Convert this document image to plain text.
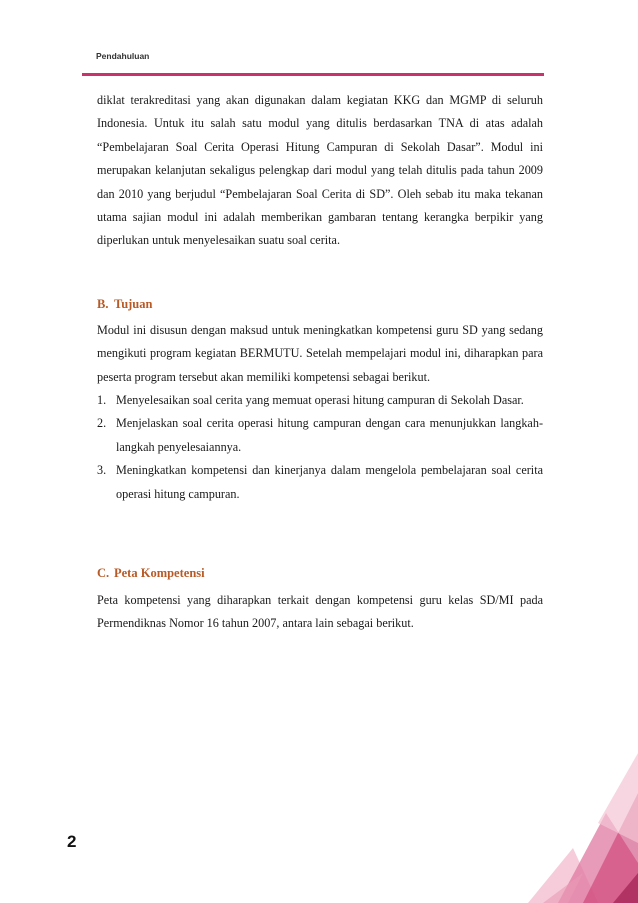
Pendahuluan

diklat terakreditasi yang akan digunakan dalam kegiatan KKG dan MGMP di seluruh Indonesia. Untuk itu salah satu modul yang ditulis berdasarkan TNA di atas adalah “Pembelajaran Soal Cerita Operasi Hitung Campuran di Sekolah Dasar”. Modul ini merupakan kelanjutan sekaligus pelengkap dari modul yang telah ditulis pada tahun 2009 dan 2010 yang berjudul “Pembelajaran Soal Cerita di SD”. Oleh sebab itu maka tekanan utama sajian modul ini adalah memberikan gambaran tentang kerangka berpikir yang diperlukan untuk menyelesaikan suatu soal cerita.

B. Tujuan

Modul ini disusun dengan maksud untuk meningkatkan kompetensi guru SD yang sedang mengikuti program kegiatan BERMUTU. Setelah mempelajari modul ini, diharapkan para peserta program tersebut akan memiliki kompetensi sebagai berikut.

1. Menyelesaikan soal cerita yang memuat operasi hitung campuran di Sekolah Dasar.
2. Menjelaskan soal cerita operasi hitung campuran dengan cara menunjukkan langkah-langkah penyelesaiannya.
3. Meningkatkan kompetensi dan kinerjanya dalam mengelola pembelajaran soal cerita operasi hitung campuran.
C. Peta Kompetensi

Peta kompetensi yang diharapkan terkait dengan kompetensi guru kelas SD/MI pada Permendiknas Nomor 16 tahun 2007, antara lain sebagai berikut.

2
